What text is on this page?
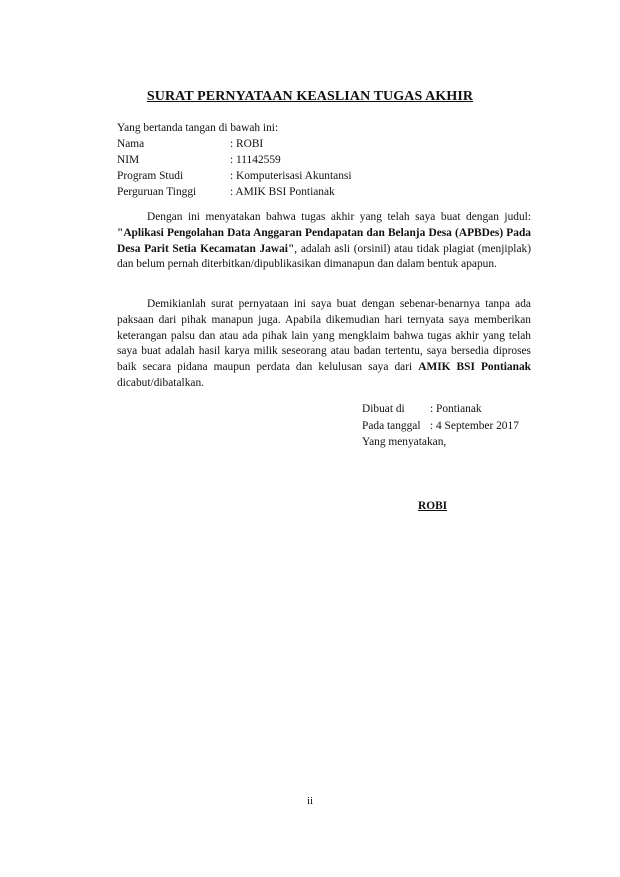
SURAT PERNYATAAN KEASLIAN TUGAS AKHIR
Yang bertanda tangan di bawah ini:
Nama	: ROBI
NIM	: 11142559
Program Studi	: Komputerisasi Akuntansi
Perguruan Tinggi	: AMIK BSI Pontianak
Dengan ini menyatakan bahwa tugas akhir yang telah saya buat dengan judul: "Aplikasi Pengolahan Data Anggaran Pendapatan dan Belanja Desa (APBDes) Pada Desa Parit Setia Kecamatan Jawai", adalah asli (orsinil) atau tidak plagiat (menjiplak) dan belum pernah diterbitkan/dipublikasikan dimanapun dan dalam bentuk apapun.
Demikianlah surat pernyataan ini saya buat dengan sebenar-benarnya tanpa ada paksaan dari pihak manapun juga. Apabila dikemudian hari ternyata saya memberikan keterangan palsu dan atau ada pihak lain yang mengklaim bahwa tugas akhir yang telah saya buat adalah hasil karya milik seseorang atau badan tertentu, saya bersedia diproses baik secara pidana maupun perdata dan kelulusan saya dari AMIK BSI Pontianak dicabut/dibatalkan.
Dibuat di : Pontianak
Pada tanggal : 4 September 2017
Yang menyatakan,
ROBI
ii
